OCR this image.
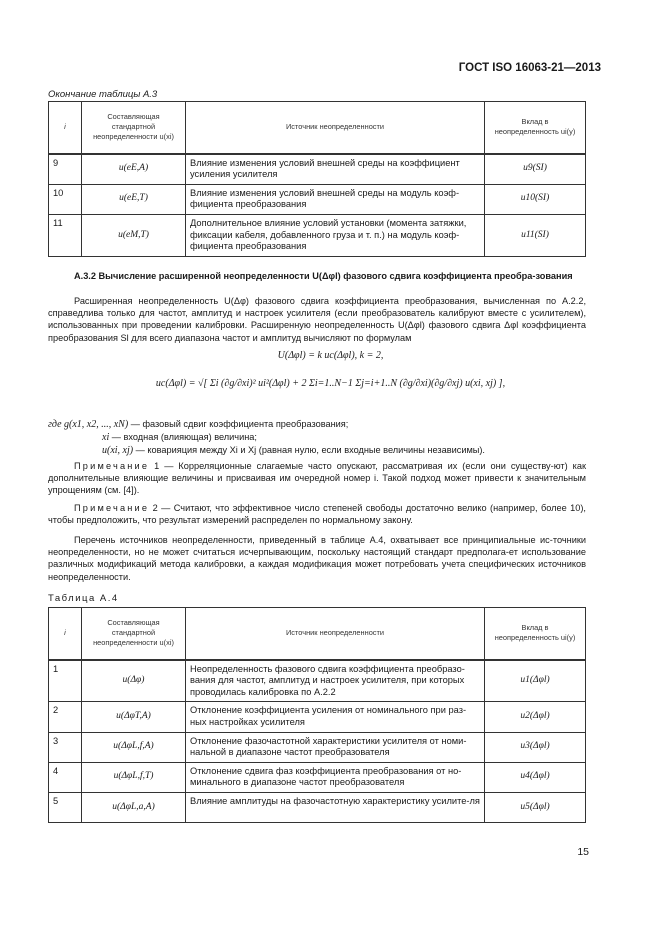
ГОСТ ISO 16063-21—2013
Окончание таблицы А.3
i	Составляющая стандартной неопределенности u(xi)	Источник неопределенности	Вклад в неопределенность ui(y)
9	u(eE,A)	Влияние изменения условий внешней среды на коэффициент усиления усилителя	u9(SI)
10	u(eE,T)	Влияние изменения условий внешней среды на модуль коэф-фициента преобразования	u10(SI)
11	u(eM,T)	Дополнительное влияние условий установки (момента затяжки, фиксации кабеля, добавленного груза и т. п.) на модуль коэф-фициента преобразования	u11(SI)
А.3.2 Вычисление расширенной неопределенности U(Δφl) фазового сдвига коэффициента преобра-зования
Расширенная неопределенность U(Δφ) фазового сдвига коэффициента преобразования, вычисленная по А.2.2, справедлива только для частот, амплитуд и настроек усилителя (если преобразователь калибруют вместе с усилителем), использованных при проведении калибровки. Расширенную неопределенность U(Δφl) фазового сдвига Δφl коэффициента преобразования Sl для всего диапазона частот и амплитуд вычисляют по формулам
U(Δφl) = k uc(Δφl), k = 2,
uc(Δφl) = √[ Σi (∂g/∂xi)² ui²(Δφl) + 2 Σi=1..N−1 Σj=i+1..N (∂g/∂xi)(∂g/∂xj) u(xi, xj) ],
где g(x1, x2, ..., xN) — фазовый сдвиг коэффициента преобразования;
xi — входная (влияющая) величина;
u(xi, xj) — коварияция между Xi и Xj (равная нулю, если входные величины независимы).
Примечание 1 — Корреляционные слагаемые часто опускают, рассматривая их (если они существу-ют) как дополнительные влияющие величины и присваивая им очередной номер i. Такой подход может привести к значительным упрощениям (см. [4]).
Примечание 2 — Считают, что эффективное число степеней свободы достаточно велико (например, более 10), чтобы предположить, что результат измерений распределен по нормальному закону.
Перечень источников неопределенности, приведенный в таблице А.4, охватывает все принципиальные ис-точники неопределенности, но не может считаться исчерпывающим, поскольку настоящий стандарт предполага-ет использование различных модификаций метода калибровки, а каждая модификация может потребовать учета специфических источников неопределенности.
Таблица А.4
i	Составляющая стандартной неопределенности u(xi)	Источник неопределенности	Вклад в неопределенность ui(y)
1	u(Δφ)	Неопределенность фазового сдвига коэффициента преобразо-вания для частот, амплитуд и настроек усилителя, при которых проводилась калибровка по А.2.2	u1(Δφl)
2	u(ΔφT,A)	Отклонение коэффициента усиления от номинального при раз-ных настройках усилителя	u2(Δφl)
3	u(ΔφL,f,A)	Отклонение фазочастотной характеристики усилителя от номи-нальной в диапазоне частот преобразователя	u3(Δφl)
4	u(ΔφL,f,T)	Отклонение сдвига фаз коэффициента преобразования от но-минального в диапазоне частот преобразователя	u4(Δφl)
5	u(ΔφL,a,A)	Влияние амплитуды на фазочастотную характеристику усилите-ля	u5(Δφl)
15
